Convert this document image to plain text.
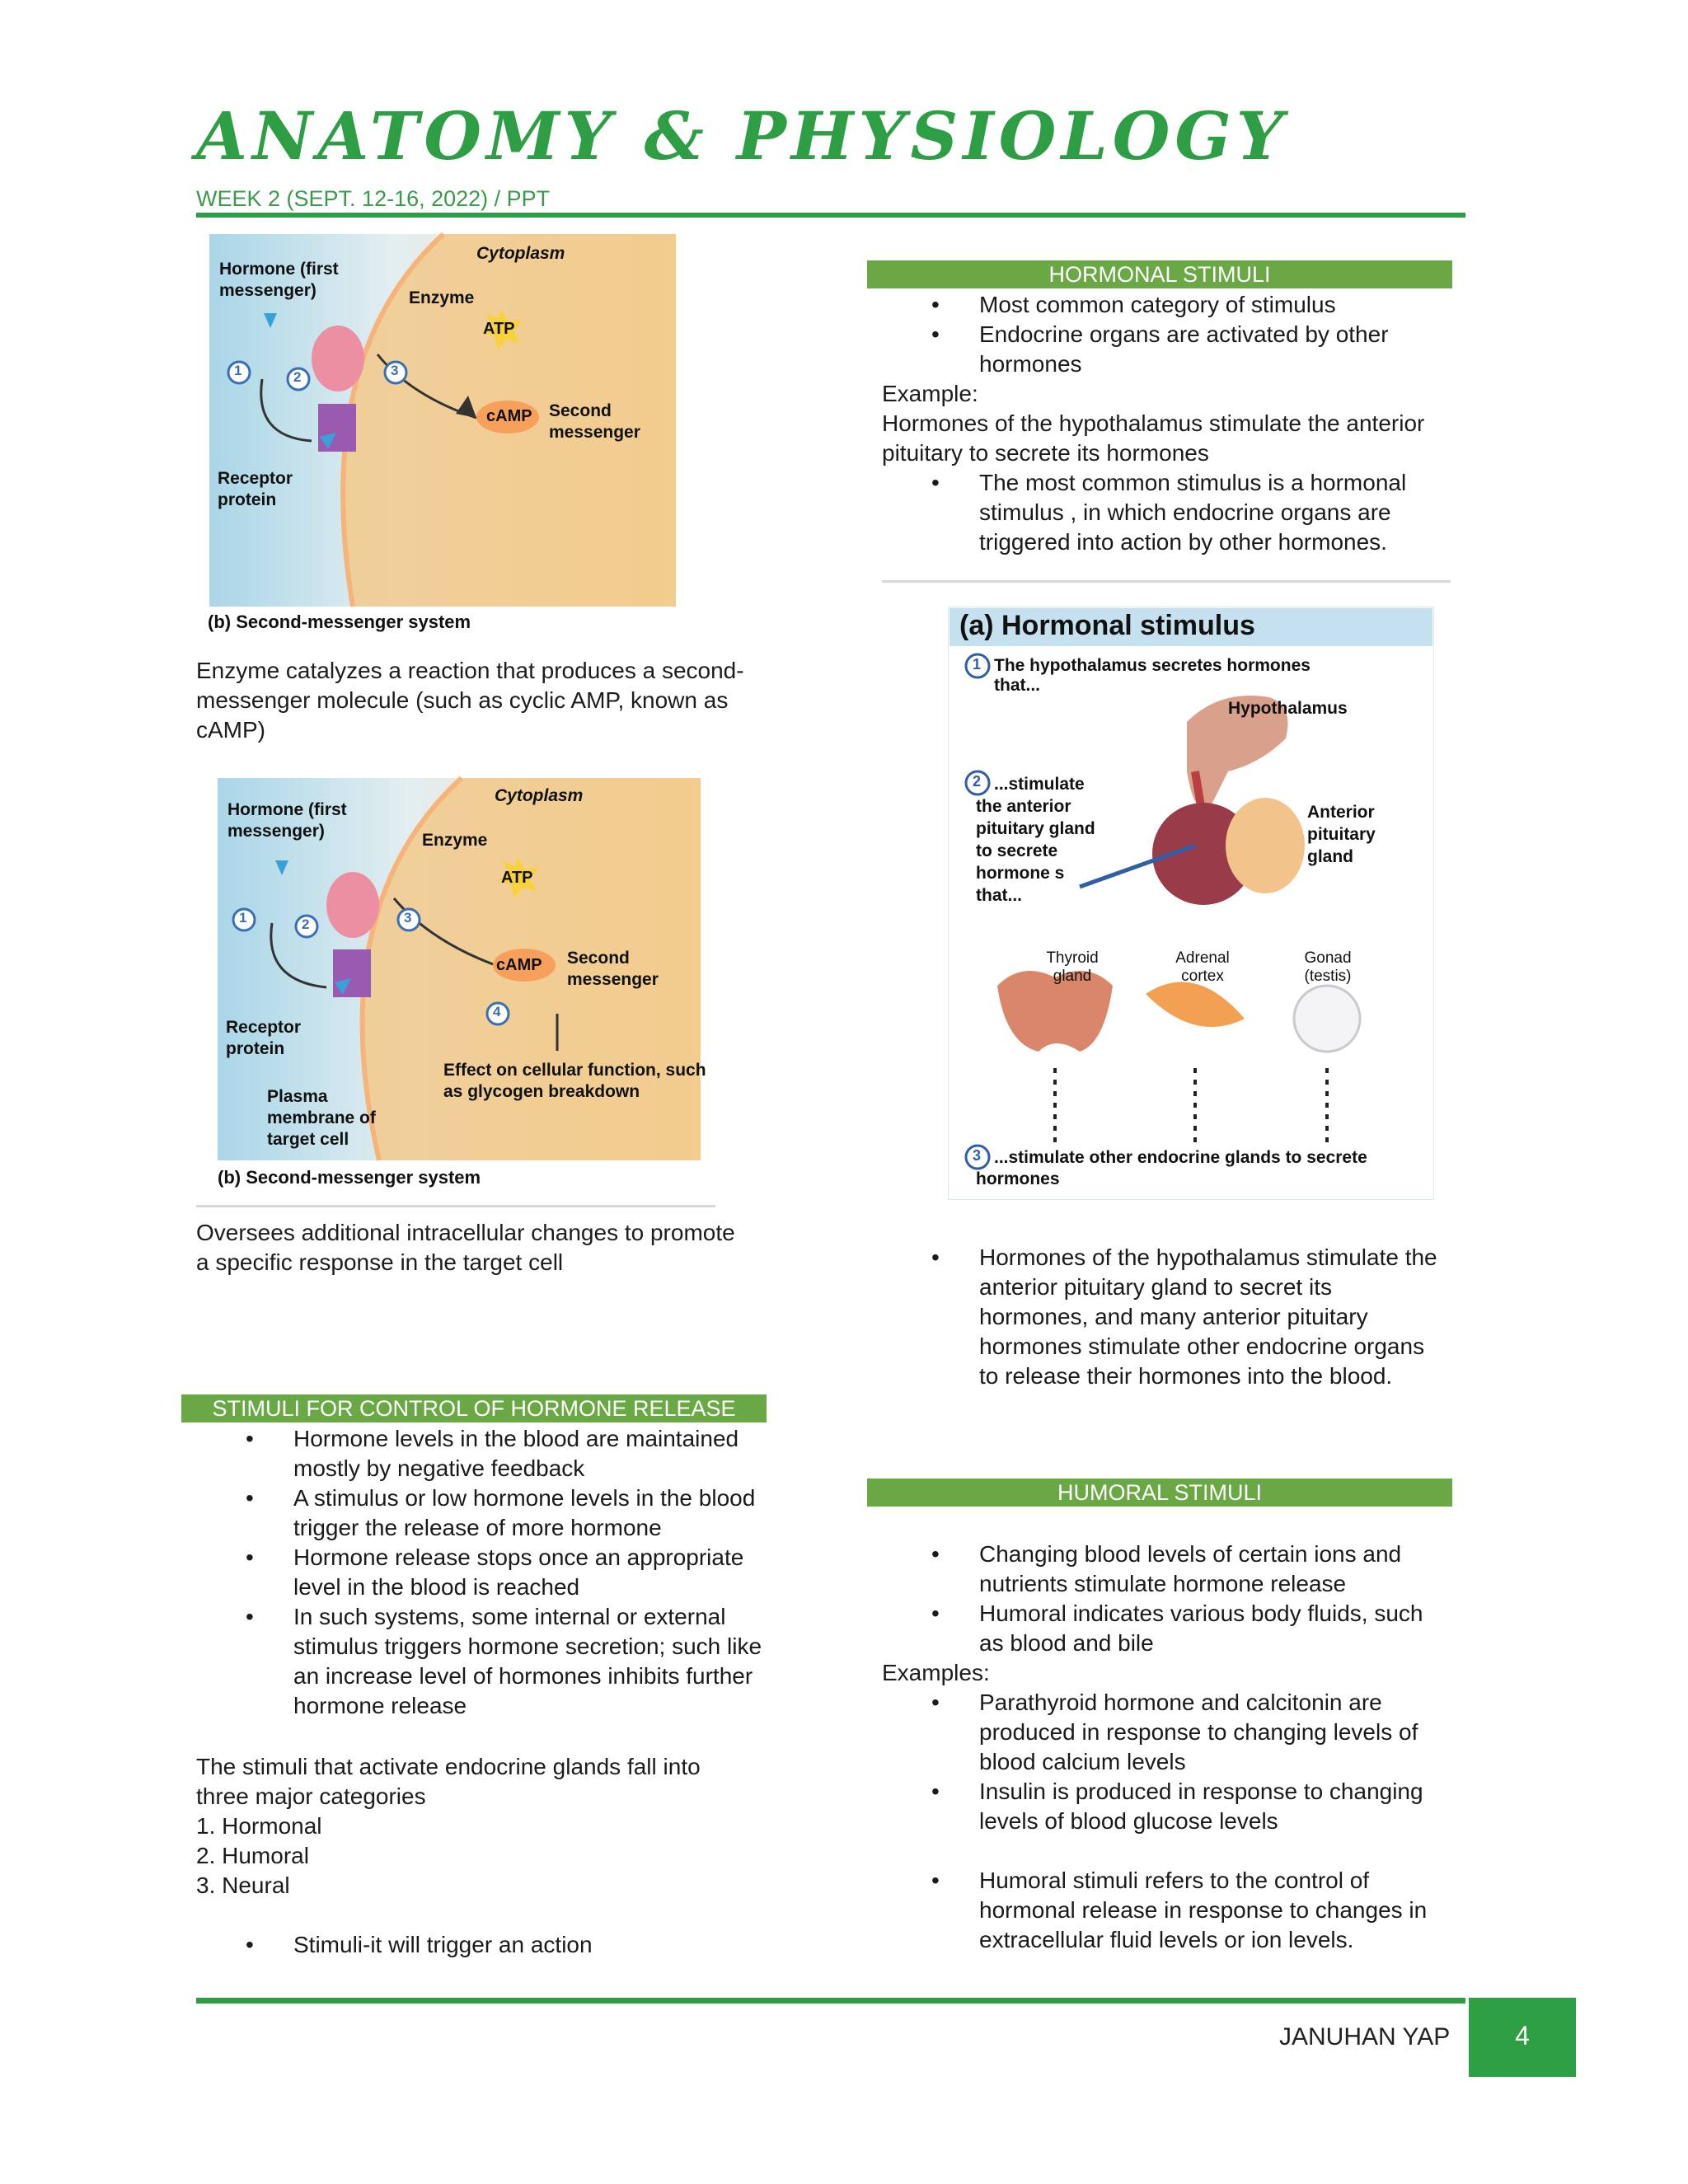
ANATOMY & PHYSIOLOGY
WEEK 2 (SEPT. 12-16, 2022) / PPT
Cytoplasm
Hormone (first messenger)	Enzyme
ATP
cAMP Second messenger
Receptor protein
1	2	3
(b) Second-messenger system

Enzyme catalyzes a reaction that produces a second-

messenger molecule (such as cyclic AMP, known as

cAMP)

Cytoplasm
Hormone (first messenger)	Enzyme
ATP
cAMP Second messenger
Receptor protein
Effect on cellular function, such as glycogen breakdown
Plasma membrane of target cell
1	2	3
4
(b) Second-messenger system

Oversees additional intracellular changes to promote

a specific response in the target cell

STIMULI FOR CONTROL OF HORMONE RELEASE
• Hormone levels in the blood are maintained
mostly by negative feedback
• A stimulus or low hormone levels in the blood
trigger the release of more hormone
• Hormone release stops once an appropriate
level in the blood is reached
• In such systems, some internal or external
stimulus triggers hormone secretion; such like
an increase level of hormones inhibits further
hormone release

The stimuli that activate endocrine glands fall into

three major categories

1. Hormonal

2. Humoral

3. Neural

• Stimuli-it will trigger an action
HORMONAL STIMULI
• Most common category of stimulus
• Endocrine organs are activated by other
hormones

Example:

Hormones of the hypothalamus stimulate the anterior

pituitary to secrete its hormones

• The most common stimulus is a hormonal
stimulus , in which endocrine organs are
triggered into action by other hormones.
(a) Hormonal stimulus
1 The hypothalamus secretes hormones that...
Hypothalamus
2 ...stimulate the anterior pituitary gland to secrete hormone s that...
Anterior pituitary gland
Thyroid gland
Adrenal cortex
Gonad (testis)
3 ...stimulate other endocrine glands to secrete hormones
• Hormones of the hypothalamus stimulate the
anterior pituitary gland to secret its
hormones, and many anterior pituitary
hormones stimulate other endocrine organs
to release their hormones into the blood.
HUMORAL STIMULI
• Changing blood levels of certain ions and
nutrients stimulate hormone release
• Humoral indicates various body fluids, such
as blood and bile
Examples:
• Parathyroid hormone and calcitonin are
produced in response to changing levels of
blood calcium levels
• Insulin is produced in response to changing
levels of blood glucose levels
• Humoral stimuli refers to the control of
hormonal release in response to changes in
extracellular fluid levels or ion levels.
JANUHAN YAP	4
